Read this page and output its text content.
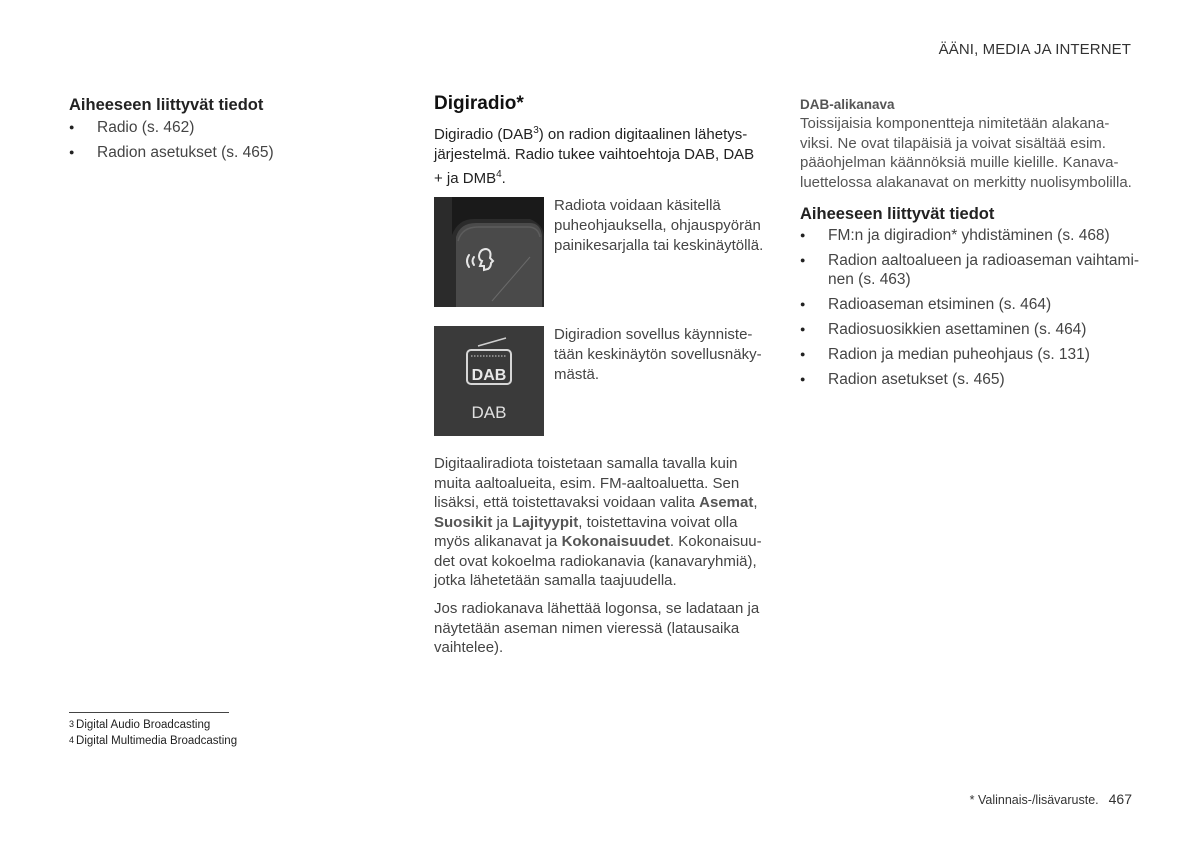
ÄÄNI, MEDIA JA INTERNET
Aiheeseen liittyvät tiedot
● Radio (s. 462)
● Radion asetukset (s. 465)
Digiradio*
Digiradio (DAB$^3$) on radion digitaalinen lähetys-
järjestelmä. Radio tukee vaihtoehtoja DAB, DAB
+ ja DMB$^4$.
Radiota voidaan käsitellä puheohjauksella, ohjauspyörän painikesarjalla tai keskinäytöllä.
DAB
DAB
Digiradion sovellus käynniste- tään keskinäytön sovellusnäky- mästä.
Digitaaliradiota toistetaan samalla tavalla kuin muita aaltoalueita, esim. FM-aaltoaluetta. Sen lisäksi, että toistettavaksi voidaan valita Asemat, Suosikit ja Lajityypit, toistettavina voivat olla myös alikanavat ja Kokonaisuudet. Kokonaisuu- det ovat kokoelma radiokanavia (kanavaryhmiä), jotka lähetetään samalla taajuudella.
Jos radiokanava lähettää logonsa, se ladataan ja näytetään aseman nimen vieressä (latausaika vaihtelee).
DAB-alikanava

Toissijaisia komponentteja nimitetään alakana- viksi. Ne ovat tilapäisiä ja voivat sisältää esim. pääohjelman käännöksiä muille kielille. Kanava- luettelossa alakanavat on merkitty nuolisymbolilla.

Aiheeseen liittyvät tiedot
● FM:n ja digiradion* yhdistäminen (s. 468)
● Radion aaltoalueen ja radioaseman vaihtami- nen (s. 463)
● Radioaseman etsiminen (s. 464)
● Radiosuosikkien asettaminen (s. 464)
● Radion ja median puheohjaus (s. 131)
● Radion asetukset (s. 465)
3 Digital Audio Broadcasting
4 Digital Multimedia Broadcasting
* Valinnais-/lisävaruste. 467
